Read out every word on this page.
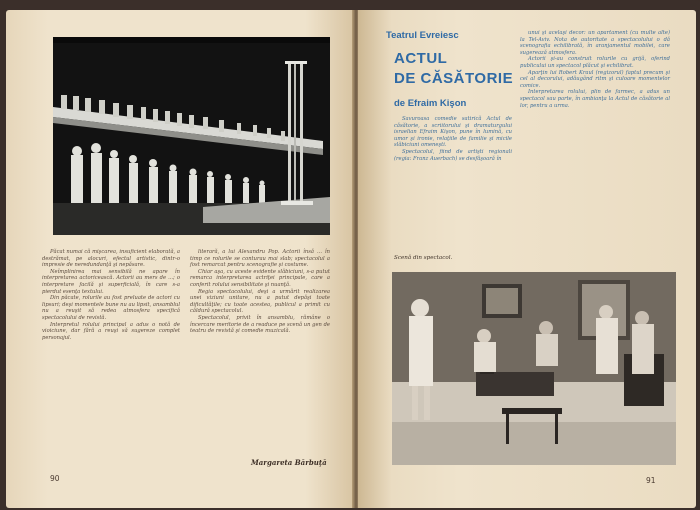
Păcat numai că mişcarea, insuficient elaborată, a destrămat, pe alocuri, efectul artistic, dintr-o impresie de neredundanţă şi nepăsare.

Neîmplinirea mai sensibilă ne apare în interpretarea actoricească. Actorii au mers de ...; o interpretare facilă şi superficială, în care s-a pierdut esenţa textului.

Din păcate, rolurile au fost preluate de actori cu lipsuri; deşi momentele bune nu au lipsit, ansamblul nu a reuşit să redea atmosfera specifică spectacolului de revistă.

Interpretul rolului principal a adus o notă de vioiciune, dar fără a reuşi să sugereze complet personajul.

literară, a lui Alexandru Pop. Actorii însă ... în timp ce rolurile se conturau mai slab; spectacolul a fost remarcat pentru scenografie şi costume.

Chiar aşa, cu aceste evidente slăbiciuni, s-a putut remarca interpretarea actriţei principale, care a conferit rolului sensibilitate şi nuanţă.

Regia spectacolului, deşi a urmărit realizarea unei viziuni unitare, nu a putut depăşi toate dificultăţile; cu toate acestea, publicul a primit cu căldură spectacolul.

Spectacolul, privit în ansamblu, rămâne o încercare meritorie de a readuce pe scenă un gen de teatru de revistă şi comedie muzicală.

Margareta Bărbuţă
90
Teatrul Evreiesc
ACTUL
DE CĂSĂTORIE
de Efraim Kişon

Savuroasa comedie satirică Actul de căsătorie, a scriitorului şi dramaturgului israelian Efraim Kişon, pune în lumină, cu umor şi ironie, relaţiile de familie şi micile slăbiciuni omeneşti.

Spectacolul, fiind de artişti regionali (regia: Franz Auerbach) se desfăşoară în

unui şi acelaşi decor: un apartament (cu multe alte) la Tel-Aviv. Nota de autoritate a spectacolului o dă scenografia echilibrată, în aranjamentul mobilei, care sugerează atmosfera.

Actorii şi-au construit rolurile cu grijă, oferind publicului un spectacol plăcut şi echilibrat.

Aparţin lui Robert Kraul (regizorul) faptul precum şi cel al decorului, adăugând ritm şi culoare momentelor comice.

Interpretarea rolului, plin de farmec, a adus un spectacol sau parte, în ambianţa la Actul de căsătorie al lor, pentru a urma.

Scenă din spectacol.
91
